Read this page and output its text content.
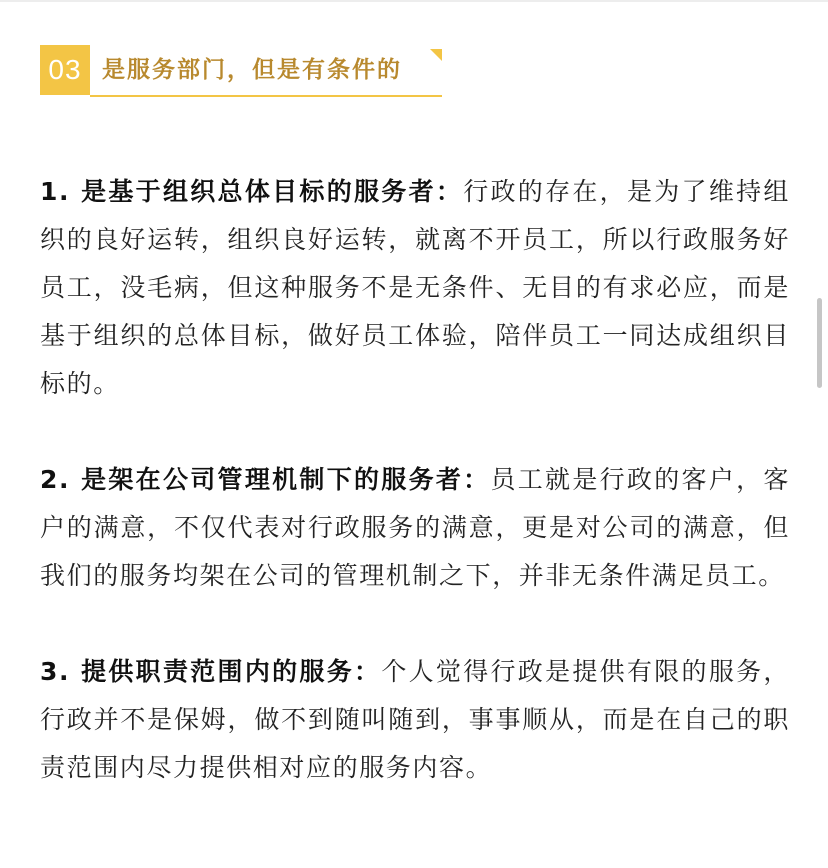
03 是服务部门，但是有条件的

1. 是基于组织总体目标的服务者：行政的存在，是为了维持组织的良好运转，组织良好运转，就离不开员工，所以行政服务好员工，没毛病，但这种服务不是无条件、无目的有求必应，而是基于组织的总体目标，做好员工体验，陪伴员工一同达成组织目标的。

2. 是架在公司管理机制下的服务者：员工就是行政的客户，客户的满意，不仅代表对行政服务的满意，更是对公司的满意，但我们的服务均架在公司的管理机制之下，并非无条件满足员工。

3. 提供职责范围内的服务：个人觉得行政是提供有限的服务，行政并不是保姆，做不到随叫随到，事事顺从，而是在自己的职责范围内尽力提供相对应的服务内容。
